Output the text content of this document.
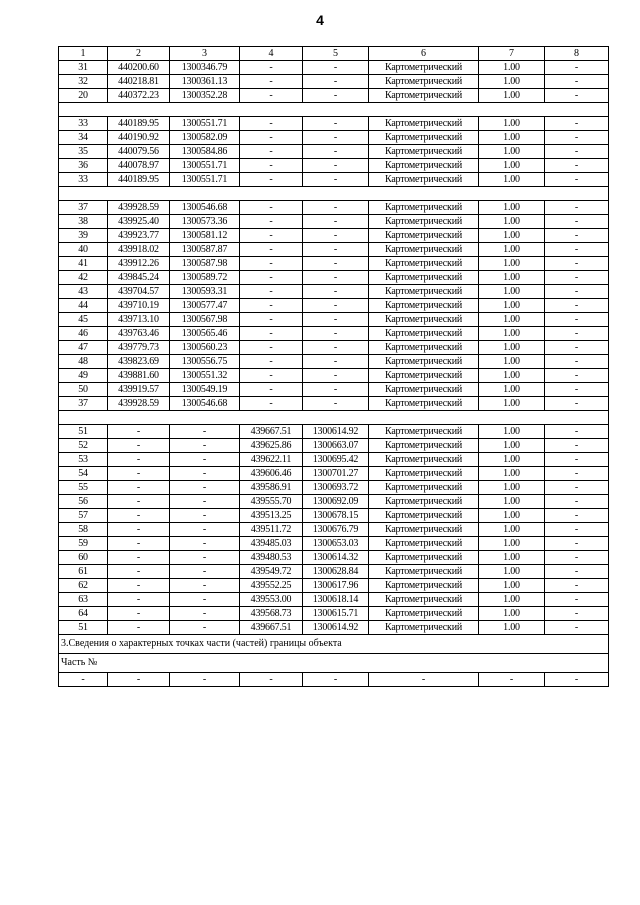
4
1	2	3	4	5	6	7	8
31	440200.60	1300346.79	-	-	Картометрический	1.00	-
32	440218.81	1300361.13	-	-	Картометрический	1.00	-
20	440372.23	1300352.28	-	-	Картометрический	1.00	-

33	440189.95	1300551.71	-	-	Картометрический	1.00	-
34	440190.92	1300582.09	-	-	Картометрический	1.00	-
35	440079.56	1300584.86	-	-	Картометрический	1.00	-
36	440078.97	1300551.71	-	-	Картометрический	1.00	-
33	440189.95	1300551.71	-	-	Картометрический	1.00	-

37	439928.59	1300546.68	-	-	Картометрический	1.00	-
38	439925.40	1300573.36	-	-	Картометрический	1.00	-
39	439923.77	1300581.12	-	-	Картометрический	1.00	-
40	439918.02	1300587.87	-	-	Картометрический	1.00	-
41	439912.26	1300587.98	-	-	Картометрический	1.00	-
42	439845.24	1300589.72	-	-	Картометрический	1.00	-
43	439704.57	1300593.31	-	-	Картометрический	1.00	-
44	439710.19	1300577.47	-	-	Картометрический	1.00	-
45	439713.10	1300567.98	-	-	Картометрический	1.00	-
46	439763.46	1300565.46	-	-	Картометрический	1.00	-
47	439779.73	1300560.23	-	-	Картометрический	1.00	-
48	439823.69	1300556.75	-	-	Картометрический	1.00	-
49	439881.60	1300551.32	-	-	Картометрический	1.00	-
50	439919.57	1300549.19	-	-	Картометрический	1.00	-
37	439928.59	1300546.68	-	-	Картометрический	1.00	-

51	-	-	439667.51	1300614.92	Картометрический	1.00	-
52	-	-	439625.86	1300663.07	Картометрический	1.00	-
53	-	-	439622.11	1300695.42	Картометрический	1.00	-
54	-	-	439606.46	1300701.27	Картометрический	1.00	-
55	-	-	439586.91	1300693.72	Картометрический	1.00	-
56	-	-	439555.70	1300692.09	Картометрический	1.00	-
57	-	-	439513.25	1300678.15	Картометрический	1.00	-
58	-	-	439511.72	1300676.79	Картометрический	1.00	-
59	-	-	439485.03	1300653.03	Картометрический	1.00	-
60	-	-	439480.53	1300614.32	Картометрический	1.00	-
61	-	-	439549.72	1300628.84	Картометрический	1.00	-
62	-	-	439552.25	1300617.96	Картометрический	1.00	-
63	-	-	439553.00	1300618.14	Картометрический	1.00	-
64	-	-	439568.73	1300615.71	Картометрический	1.00	-
51	-	-	439667.51	1300614.92	Картометрический	1.00	-
3.Сведения о характерных точках части (частей) границы объекта							
Часть №							
-	-	-	-	-	-	-	-
